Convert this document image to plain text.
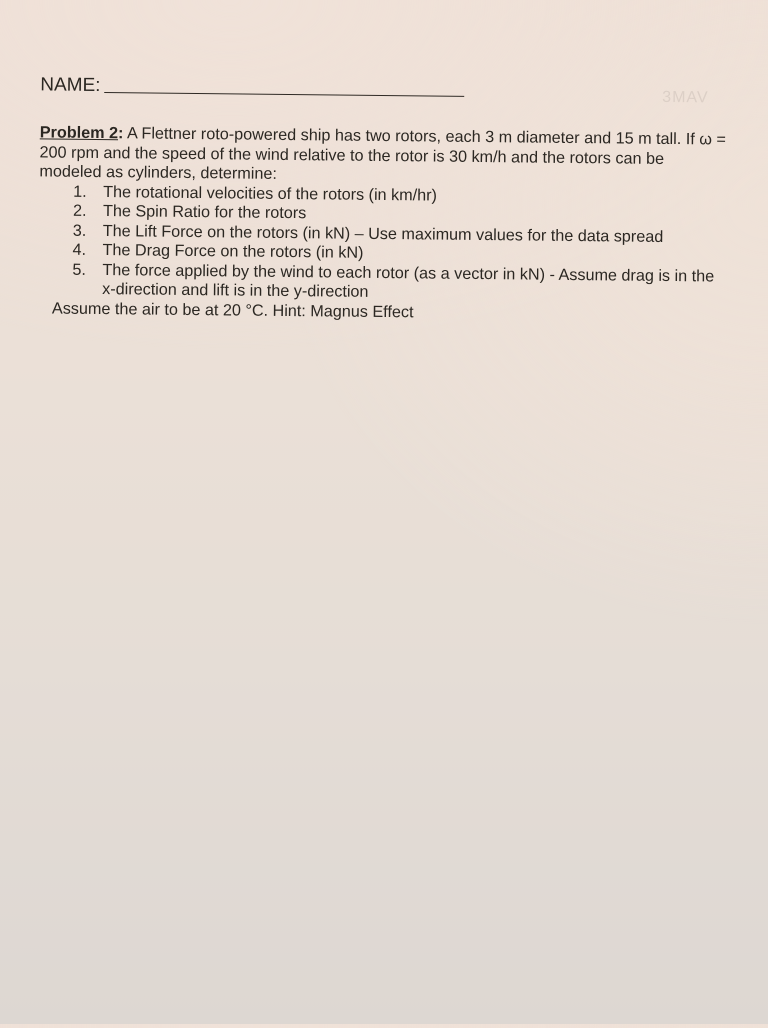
NAME:
3MAV
Problem 2: A Flettner roto-powered ship has two rotors, each 3 m diameter and 15 m tall. If ω = 200 rpm and the speed of the wind relative to the rotor is 30 km/h and the rotors can be modeled as cylinders, determine:
1.	The rotational velocities of the rotors (in km/hr)
2.	The Spin Ratio for the rotors
3.	The Lift Force on the rotors (in kN) – Use maximum values for the data spread
4.	The Drag Force on the rotors (in kN)
5.	The force applied by the wind to each rotor (as a vector in kN) - Assume drag is in the x-direction and lift is in the y-direction
Assume the air to be at 20 °C. Hint: Magnus Effect
